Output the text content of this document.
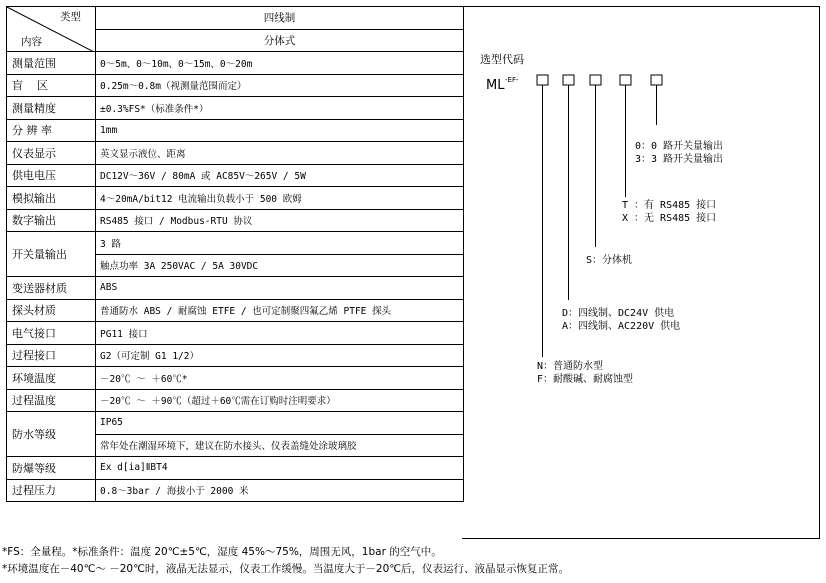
类型
内容	四线制
	分体式
测量范围	0～5m、0～10m、0～15m、0～20m
盲    区	0.25m～0.8m（视测量范围而定）
测量精度	±0.3%FS*（标准条件*）
分 辨 率	1mm
仪表显示	英文显示液位、距离
供电电压	DC12V～36V / 80mA 或 AC85V～265V / 5W
模拟输出	4～20mA/bit12 电流输出负载小于 500 欧姆
数字输出	RS485 接口 / Modbus-RTU 协议
开关量输出	3 路
	触点功率 3A 250VAC / 5A 30VDC
变送器材质	ABS
探头材质	普通防水 ABS / 耐腐蚀 ETFE / 也可定制聚四氟乙烯 PTFE 探头
电气接口	PG11 接口
过程接口	G2（可定制 G1 1/2）
环境温度	－20℃ ～ ＋60℃*
过程温度	－20℃ ～ ＋90℃（超过＋60℃需在订购时注明要求）
防水等级	IP65
	常年处在潮湿环境下，建议在防水接头、仪表盖缝处涂玻璃胶
防爆等级	Ex d[ia]ⅡBT4
过程压力	0.8～3bar / 海拔小于 2000 米
选型代码
ML -EF-
0：0 路开关量输出
3：3 路开关量输出
T ：有 RS485 接口
X ：无 RS485 接口
S：分体机
D：四线制、DC24V 供电
A：四线制、AC220V 供电
N：普通防水型
F：耐酸碱、耐腐蚀型
*FS：全量程。*标准条件：温度 20℃±5℃，湿度 45%～75%，周围无风，1bar 的空气中。
*环境温度在－40℃～ －20℃时，液晶无法显示，仪表工作缓慢。当温度大于－20℃后，仪表运行、液晶显示恢复正常。
